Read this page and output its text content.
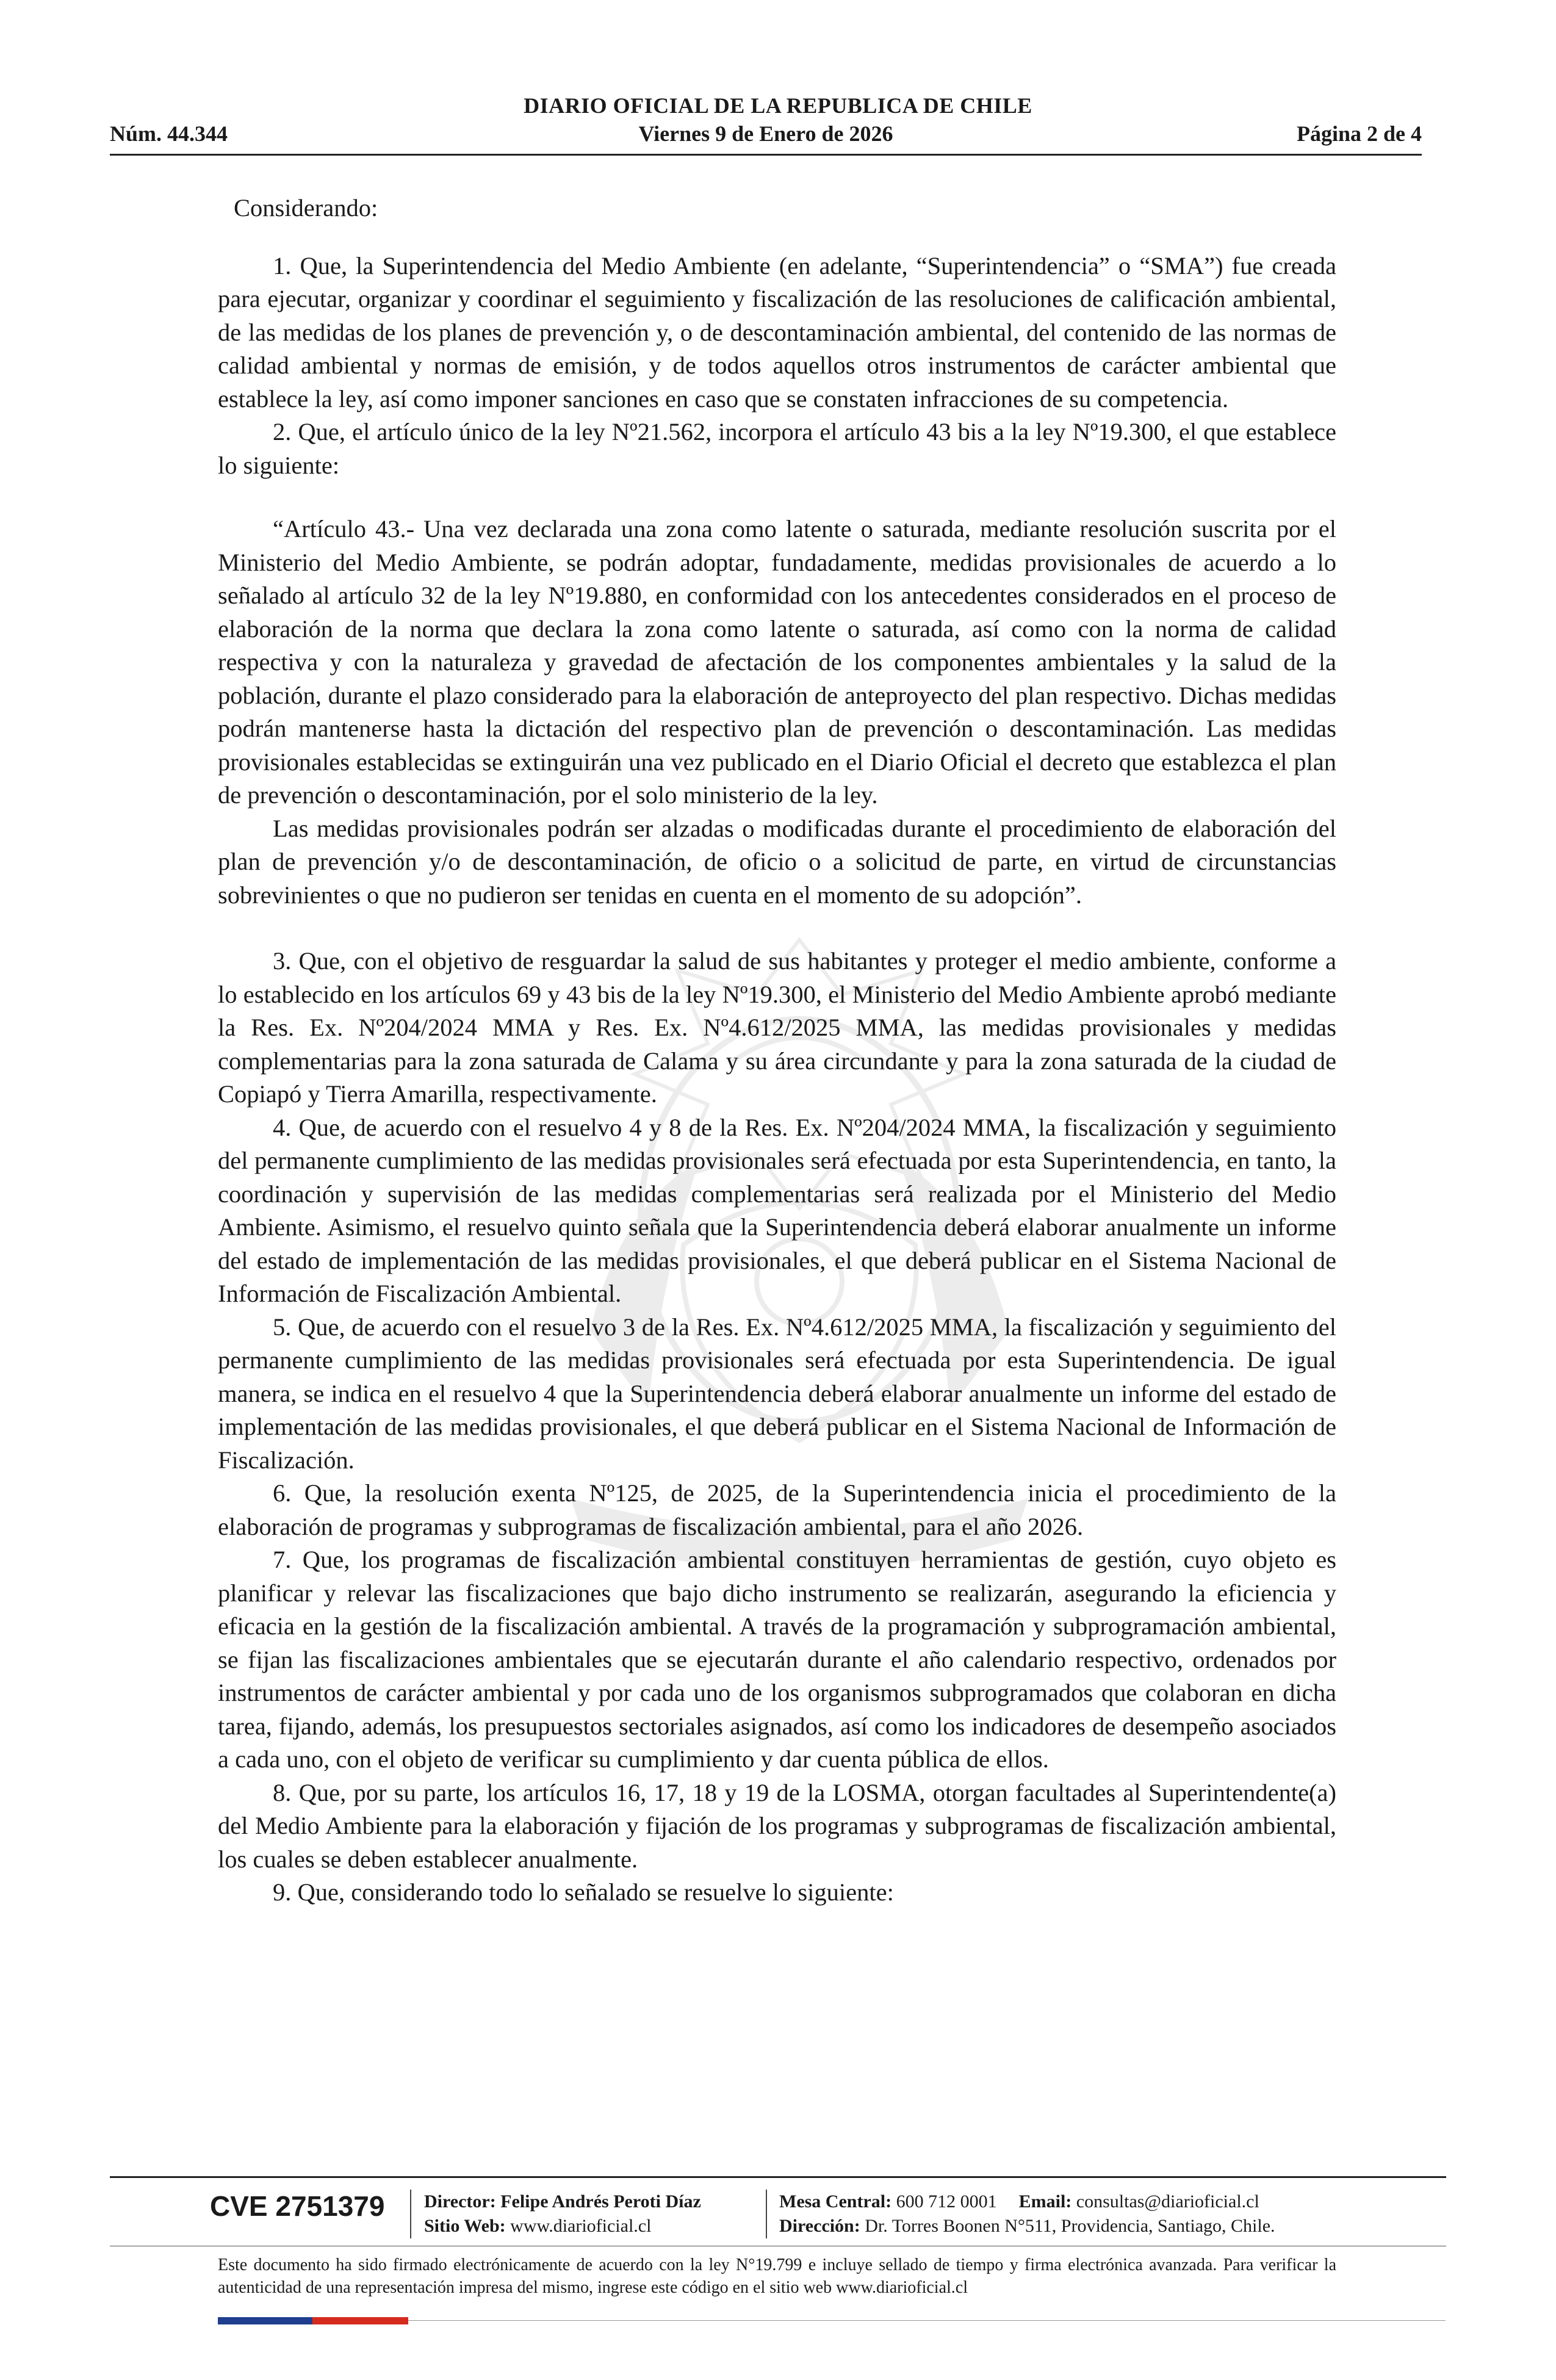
DIARIO OFICIAL DE LA REPUBLICA DE CHILE
Núm. 44.344	Viernes 9 de Enero de 2026	Página 2 de 4

Considerando:

1. Que, la Superintendencia del Medio Ambiente (en adelante, “Superintendencia” o “SMA”) fue creada para ejecutar, organizar y coordinar el seguimiento y fiscalización de las resoluciones de calificación ambiental, de las medidas de los planes de prevención y, o de descontaminación ambiental, del contenido de las normas de calidad ambiental y normas de emisión, y de todos aquellos otros instrumentos de carácter ambiental que establece la ley, así como imponer sanciones en caso que se constaten infracciones de su competencia.

2. Que, el artículo único de la ley Nº21.562, incorpora el artículo 43 bis a la ley Nº19.300, el que establece lo siguiente:

“Artículo 43.- Una vez declarada una zona como latente o saturada, mediante resolución suscrita por el Ministerio del Medio Ambiente, se podrán adoptar, fundadamente, medidas provisionales de acuerdo a lo señalado al artículo 32 de la ley Nº19.880, en conformidad con los antecedentes considerados en el proceso de elaboración de la norma que declara la zona como latente o saturada, así como con la norma de calidad respectiva y con la naturaleza y gravedad de afectación de los componentes ambientales y la salud de la población, durante el plazo considerado para la elaboración de anteproyecto del plan respectivo. Dichas medidas podrán mantenerse hasta la dictación del respectivo plan de prevención o descontaminación. Las medidas provisionales establecidas se extinguirán una vez publicado en el Diario Oficial el decreto que establezca el plan de prevención o descontaminación, por el solo ministerio de la ley.

Las medidas provisionales podrán ser alzadas o modificadas durante el procedimiento de elaboración del plan de prevención y/o de descontaminación, de oficio o a solicitud de parte, en virtud de circunstancias sobrevinientes o que no pudieron ser tenidas en cuenta en el momento de su adopción”.

3. Que, con el objetivo de resguardar la salud de sus habitantes y proteger el medio ambiente, conforme a lo establecido en los artículos 69 y 43 bis de la ley Nº19.300, el Ministerio del Medio Ambiente aprobó mediante la Res. Ex. Nº204/2024 MMA y Res. Ex. Nº4.612/2025 MMA, las medidas provisionales y medidas complementarias para la zona saturada de Calama y su área circundante y para la zona saturada de la ciudad de Copiapó y Tierra Amarilla, respectivamente.

4. Que, de acuerdo con el resuelvo 4 y 8 de la Res. Ex. Nº204/2024 MMA, la fiscalización y seguimiento del permanente cumplimiento de las medidas provisionales será efectuada por esta Superintendencia, en tanto, la coordinación y supervisión de las medidas complementarias será realizada por el Ministerio del Medio Ambiente. Asimismo, el resuelvo quinto señala que la Superintendencia deberá elaborar anualmente un informe del estado de implementación de las medidas provisionales, el que deberá publicar en el Sistema Nacional de Información de Fiscalización Ambiental.

5. Que, de acuerdo con el resuelvo 3 de la Res. Ex. Nº4.612/2025 MMA, la fiscalización y seguimiento del permanente cumplimiento de las medidas provisionales será efectuada por esta Superintendencia. De igual manera, se indica en el resuelvo 4 que la Superintendencia deberá elaborar anualmente un informe del estado de implementación de las medidas provisionales, el que deberá publicar en el Sistema Nacional de Información de Fiscalización.

6. Que, la resolución exenta Nº125, de 2025, de la Superintendencia inicia el procedimiento de la elaboración de programas y subprogramas de fiscalización ambiental, para el año 2026.

7. Que, los programas de fiscalización ambiental constituyen herramientas de gestión, cuyo objeto es planificar y relevar las fiscalizaciones que bajo dicho instrumento se realizarán, asegurando la eficiencia y eficacia en la gestión de la fiscalización ambiental. A través de la programación y subprogramación ambiental, se fijan las fiscalizaciones ambientales que se ejecutarán durante el año calendario respectivo, ordenados por instrumentos de carácter ambiental y por cada uno de los organismos subprogramados que colaboran en dicha tarea, fijando, además, los presupuestos sectoriales asignados, así como los indicadores de desempeño asociados a cada uno, con el objeto de verificar su cumplimiento y dar cuenta pública de ellos.

8. Que, por su parte, los artículos 16, 17, 18 y 19 de la LOSMA, otorgan facultades al Superintendente(a) del Medio Ambiente para la elaboración y fijación de los programas y subprogramas de fiscalización ambiental, los cuales se deben establecer anualmente.

9. Que, considerando todo lo señalado se resuelve lo siguiente:

CVE 2751379 Director: Felipe Andrés Peroti Díaz
Sitio Web: www.diarioficial.cl
Mesa Central: 600 712 0001 Email: consultas@diarioficial.cl
Dirección: Dr. Torres Boonen N°511, Providencia, Santiago, Chile.
Este documento ha sido firmado electrónicamente de acuerdo con la ley N°19.799 e incluye sellado de tiempo y firma electrónica avanzada. Para verificar la autenticidad de una representación impresa del mismo, ingrese este código en el sitio web www.diarioficial.cl
